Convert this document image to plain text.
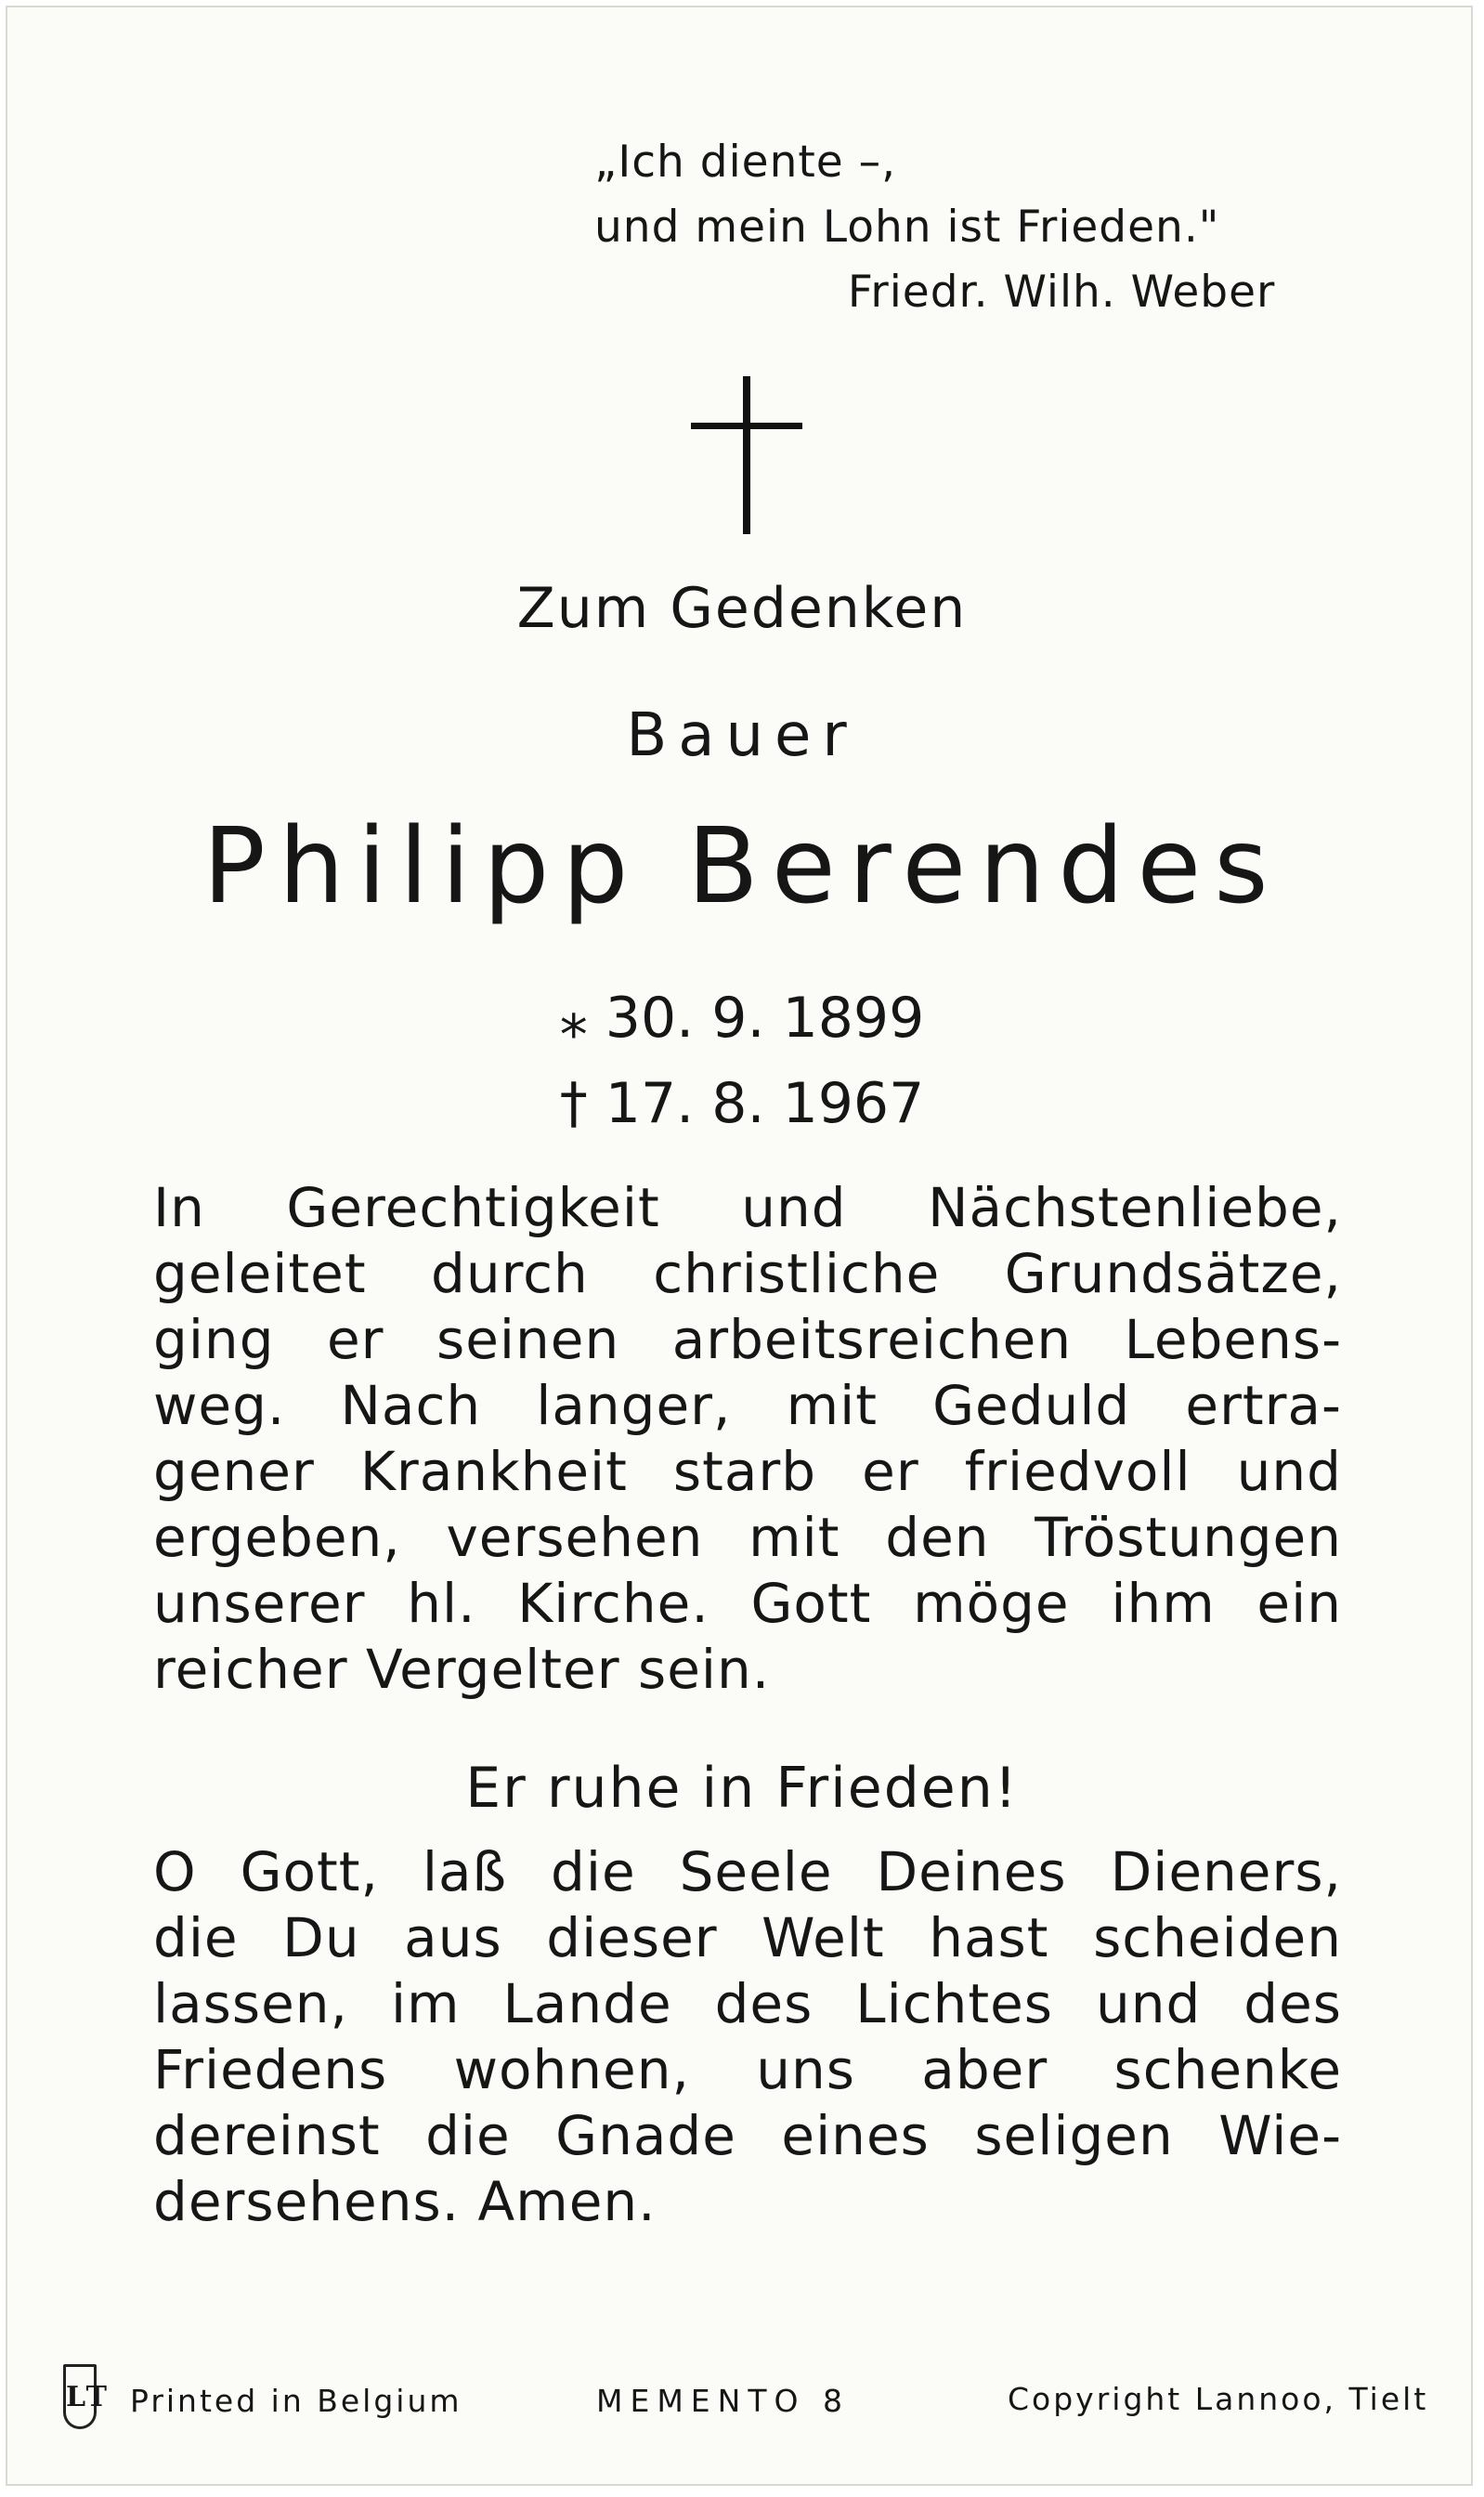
„Ich diente –,
und mein Lohn ist Frieden."
Friedr. Wilh. Weber
Zum Gedenken
Bauer
Philipp Berendes
⁎ 30. 9. 1899
† 17. 8. 1967
In Gerechtigkeit und Nächstenliebe,
geleitet durch christliche Grundsätze,
ging er seinen arbeitsreichen Lebens-
weg. Nach langer, mit Geduld ertra-
gener Krankheit starb er friedvoll und
ergeben, versehen mit den Tröstungen
unserer hl. Kirche. Gott möge ihm ein
reicher Vergelter sein.
Er ruhe in Frieden!
O Gott, laß die Seele Deines Dieners,
die Du aus dieser Welt hast scheiden
lassen, im Lande des Lichtes und des
Friedens wohnen, uns aber schenke
dereinst die Gnade eines seligen Wie-
dersehens. Amen.
LT Printed in Belgium	MEMENTO 8	Copyright Lannoo, Tielt
